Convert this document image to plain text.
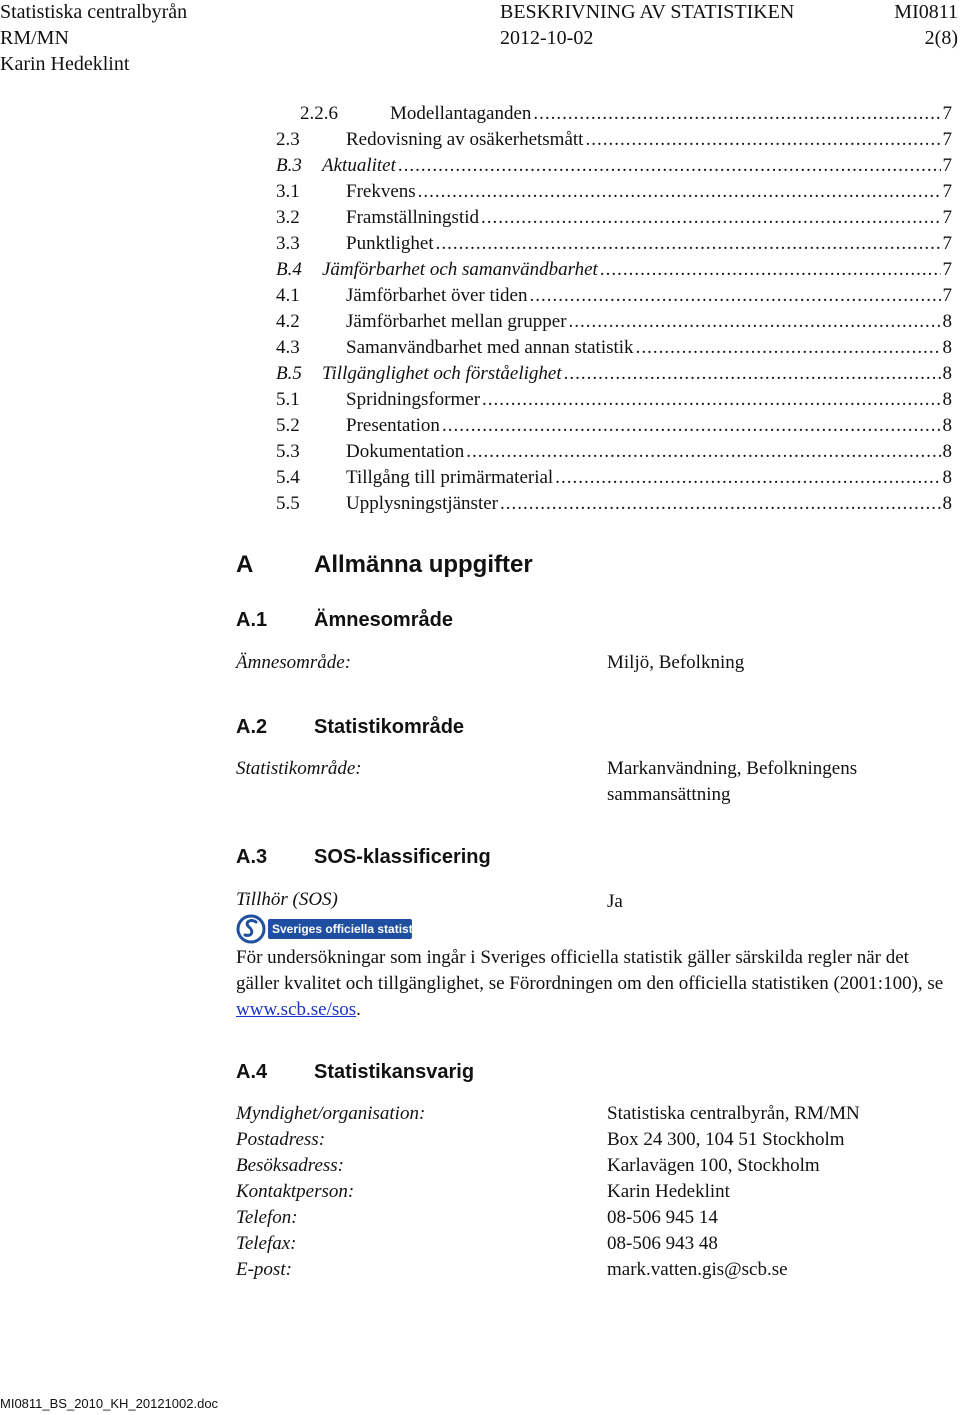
Statistiska centralbyrån	BESKRIVNING AV STATISTIKEN	MI0811
RM/MN	2012-10-02	2(8)
Karin Hedeklint
2.2.6	Modellantaganden .....	7
2.3 Redovisning av osäkerhetsmått .....	7
B.3 Aktualitet .....	7
3.1 Frekvens .....	7
3.2 Framställningstid .....	7
3.3 Punktlighet .....	7
B.4 Jämförbarhet och samanvändbarhet .....	7
4.1 Jämförbarhet över tiden .....	7
4.2 Jämförbarhet mellan grupper .....	8
4.3 Samanvändbarhet med annan statistik .....	8
B.5 Tillgänglighet och förståelighet .....	8
5.1 Spridningsformer .....	8
5.2 Presentation .....	8
5.3 Dokumentation .....	8
5.4 Tillgång till primärmaterial .....	8
5.5 Upplysningstjänster .....	8
A	Allmänna uppgifter
A.1 Ämnesområde
Ämnesområde:	Miljö, Befolkning
A.2 Statistikområde
Statistikområde:	Markanvändning, Befolkningens
sammansättning
A.3 SOS-klassificering
Tillhör (SOS)	Ja
Sveriges officiella statistik
För undersökningar som ingår i Sveriges officiella statistik gäller särskilda regler när det gäller kvalitet och tillgänglighet, se Förordningen om den officiella statistiken (2001:100), se www.scb.se/sos.
A.4 Statistikansvarig
Myndighet/organisation:	Statistiska centralbyrån, RM/MN
Postadress:	Box 24 300, 104 51 Stockholm
Besöksadress:	Karlavägen 100, Stockholm
Kontaktperson:	Karin Hedeklint
Telefon:	08-506 945 14
Telefax:	08-506 943 48
E-post:	mark.vatten.gis@scb.se
MI0811_BS_2010_KH_20121002.doc
